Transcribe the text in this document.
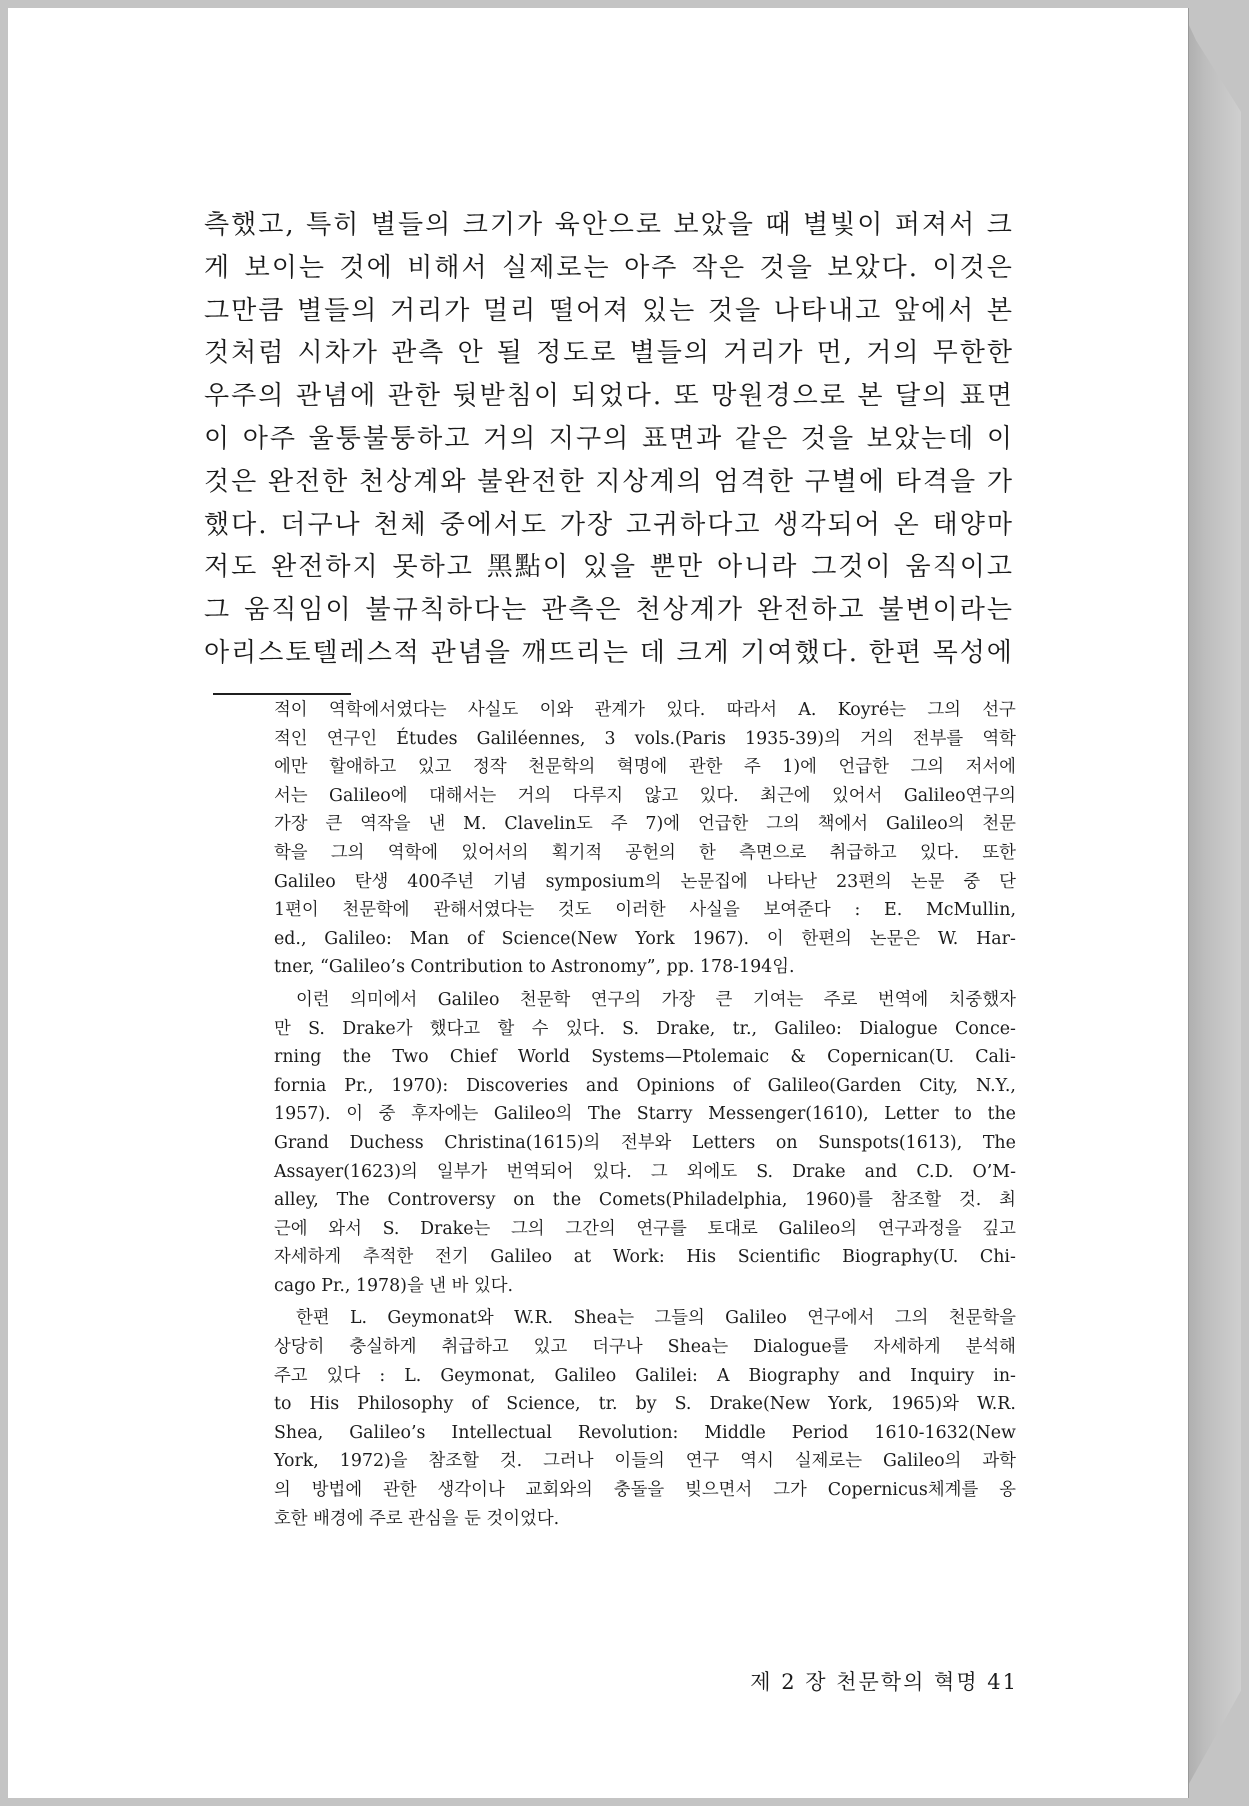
측했고, 특히 별들의 크기가 육안으로 보았을 때 별빛이 퍼져서 크
게 보이는 것에 비해서 실제로는 아주 작은 것을 보았다. 이것은
그만큼 별들의 거리가 멀리 떨어져 있는 것을 나타내고 앞에서 본
것처럼 시차가 관측 안 될 정도로 별들의 거리가 먼, 거의 무한한
우주의 관념에 관한 뒷받침이 되었다. 또 망원경으로 본 달의 표면
이 아주 울퉁불퉁하고 거의 지구의 표면과 같은 것을 보았는데 이
것은 완전한 천상계와 불완전한 지상계의 엄격한 구별에 타격을 가
했다. 더구나 천체 중에서도 가장 고귀하다고 생각되어 온 태양마
저도 완전하지 못하고 黑點이 있을 뿐만 아니라 그것이 움직이고
그 움직임이 불규칙하다는 관측은 천상계가 완전하고 불변이라는
아리스토텔레스적 관념을 깨뜨리는 데 크게 기여했다. 한편 목성에
적이 역학에서였다는 사실도 이와 관계가 있다. 따라서 A. Koyré는 그의 선구
적인 연구인 Études Galiléennes, 3 vols.(Paris 1935-39)의 거의 전부를 역학
에만 할애하고 있고 정작 천문학의 혁명에 관한 주 1)에 언급한 그의 저서에
서는 Galileo에 대해서는 거의 다루지 않고 있다. 최근에 있어서 Galileo연구의
가장 큰 역작을 낸 M. Clavelin도 주 7)에 언급한 그의 책에서 Galileo의 천문
학을 그의 역학에 있어서의 획기적 공헌의 한 측면으로 취급하고 있다. 또한
Galileo 탄생 400주년 기념 symposium의 논문집에 나타난 23편의 논문 중 단
1편이 천문학에 관해서였다는 것도 이러한 사실을 보여준다 : E. McMullin,
ed., Galileo: Man of Science(New York 1967). 이 한편의 논문은 W. Har-
tner, “Galileo’s Contribution to Astronomy”, pp. 178-194임.
이런 의미에서 Galileo 천문학 연구의 가장 큰 기여는 주로 번역에 치중했자
만 S. Drake가 했다고 할 수 있다. S. Drake, tr., Galileo: Dialogue Conce-
rning the Two Chief World Systems—Ptolemaic & Copernican(U. Cali-
fornia Pr., 1970): Discoveries and Opinions of Galileo(Garden City, N.Y.,
1957). 이 중 후자에는 Galileo의 The Starry Messenger(1610), Letter to the
Grand Duchess Christina(1615)의 전부와 Letters on Sunspots(1613), The
Assayer(1623)의 일부가 번역되어 있다. 그 외에도 S. Drake and C.D. O’M-
alley, The Controversy on the Comets(Philadelphia, 1960)를 참조할 것. 최
근에 와서 S. Drake는 그의 그간의 연구를 토대로 Galileo의 연구과정을 깊고
자세하게 추적한 전기 Galileo at Work: His Scientific Biography(U. Chi-
cago Pr., 1978)을 낸 바 있다.
한편 L. Geymonat와 W.R. Shea는 그들의 Galileo 연구에서 그의 천문학을
상당히 충실하게 취급하고 있고 더구나 Shea는 Dialogue를 자세하게 분석해
주고 있다 : L. Geymonat, Galileo Galilei: A Biography and Inquiry in-
to His Philosophy of Science, tr. by S. Drake(New York, 1965)와 W.R.
Shea, Galileo’s Intellectual Revolution: Middle Period 1610-1632(New
York, 1972)을 참조할 것. 그러나 이들의 연구 역시 실제로는 Galileo의 과학
의 방법에 관한 생각이나 교회와의 충돌을 빚으면서 그가 Copernicus체계를 옹
호한 배경에 주로 관심을 둔 것이었다.
제 2 장 천문학의 혁명 41
